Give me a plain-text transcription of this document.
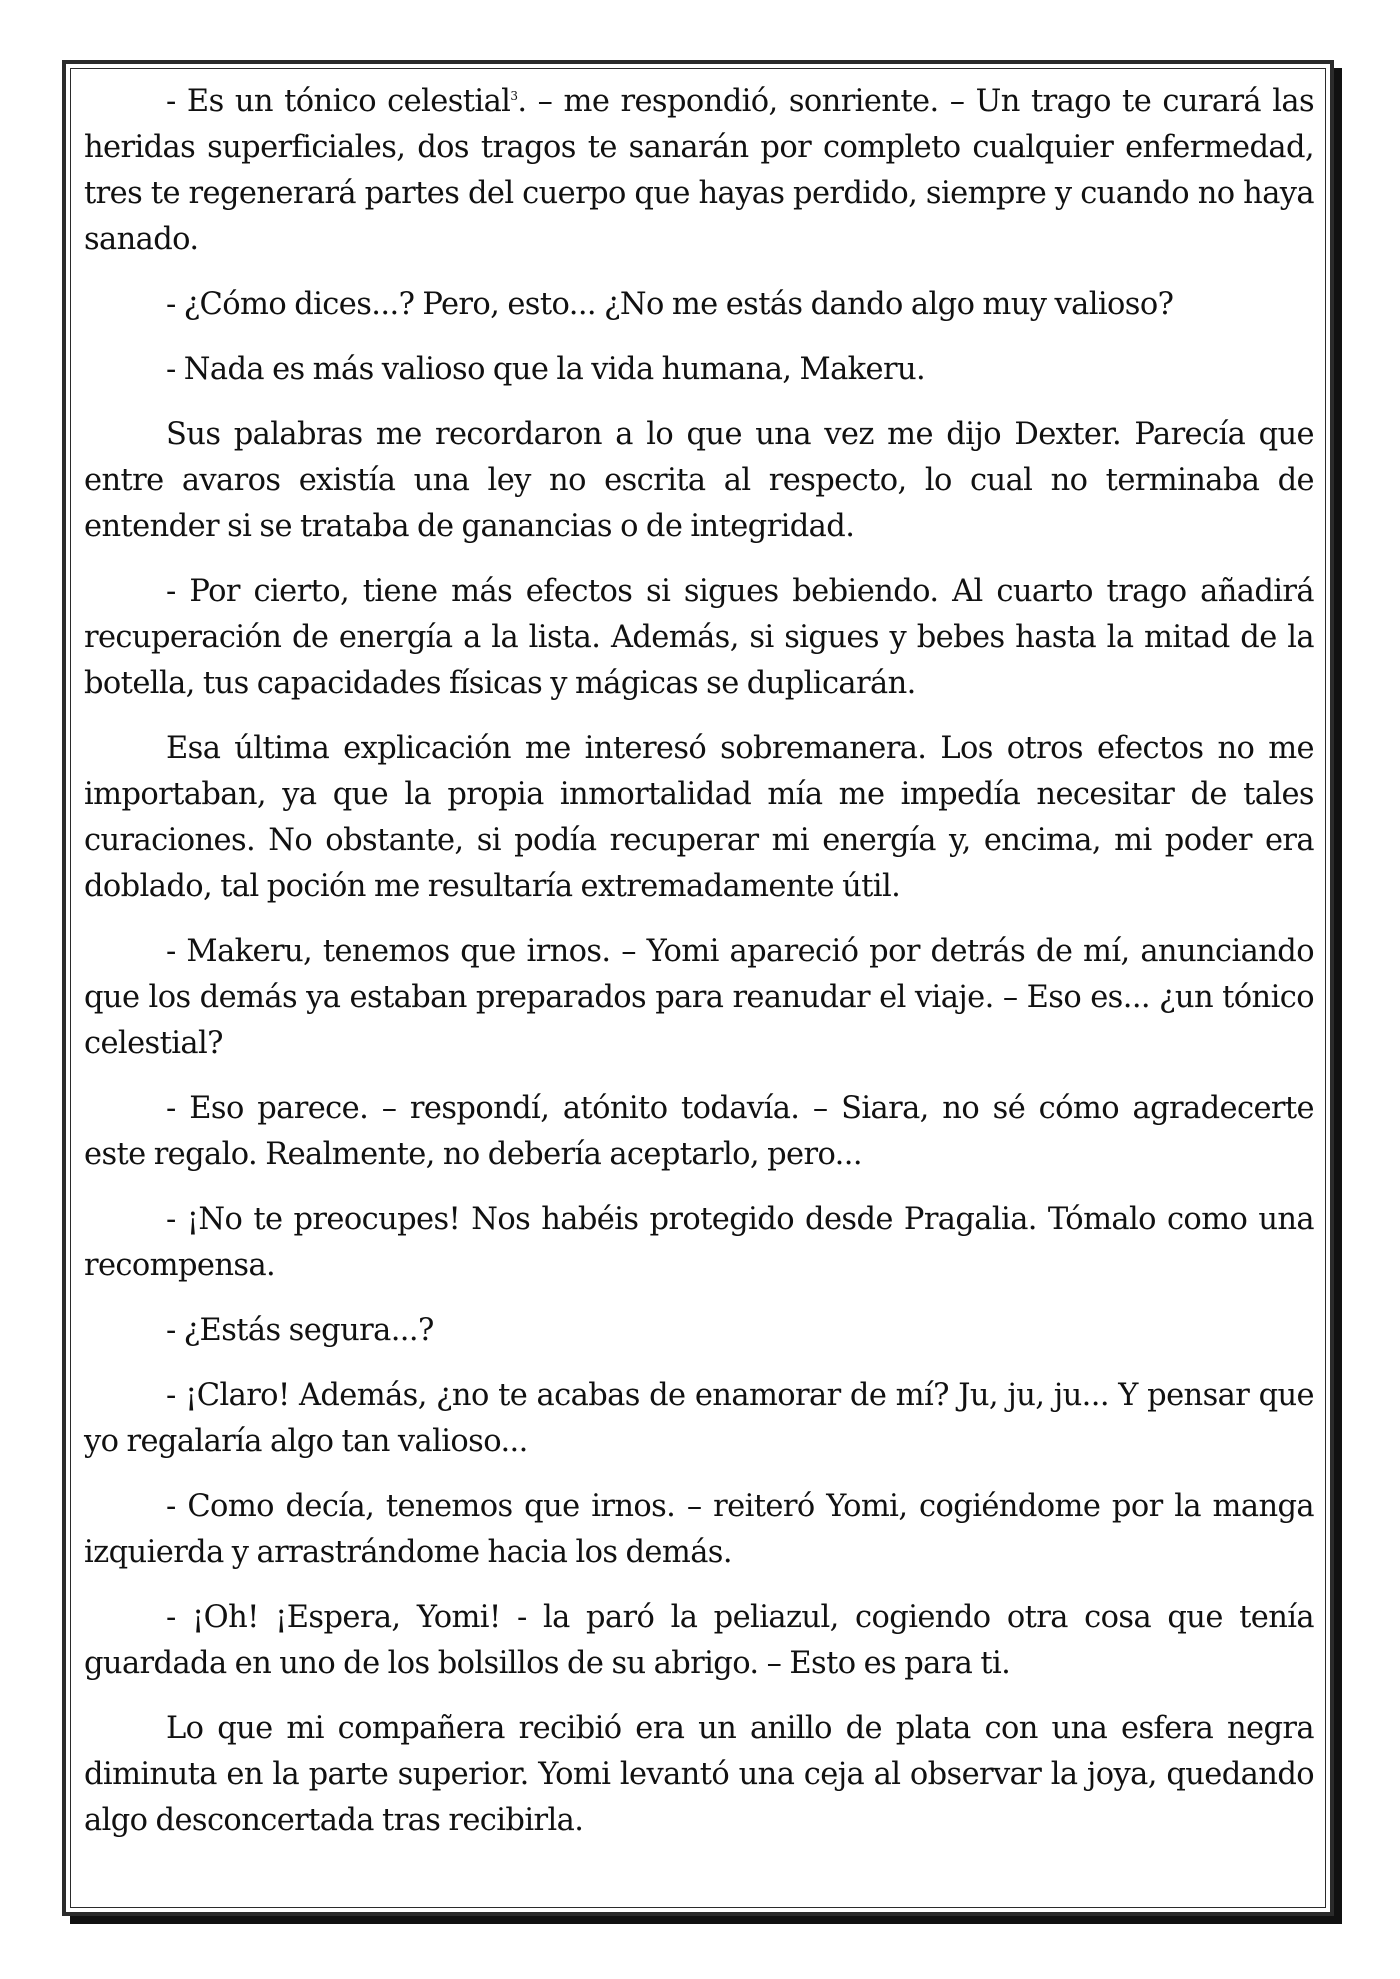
- Es un tónico celestial$^3$. – me respondió, sonriente. – Un trago te curará las heridas superficiales, dos tragos te sanarán por completo cualquier enfermedad, tres te regenerará partes del cuerpo que hayas perdido, siempre y cuando no haya sanado.

- ¿Cómo dices...? Pero, esto... ¿No me estás dando algo muy valioso?

- Nada es más valioso que la vida humana, Makeru.

Sus palabras me recordaron a lo que una vez me dijo Dexter. Parecía que entre avaros existía una ley no escrita al respecto, lo cual no terminaba de entender si se trataba de ganancias o de integridad.

- Por cierto, tiene más efectos si sigues bebiendo. Al cuarto trago añadirá recuperación de energía a la lista. Además, si sigues y bebes hasta la mitad de la botella, tus capacidades físicas y mágicas se duplicarán.

Esa última explicación me interesó sobremanera. Los otros efectos no me importaban, ya que la propia inmortalidad mía me impedía necesitar de tales curaciones. No obstante, si podía recuperar mi energía y, encima, mi poder era doblado, tal poción me resultaría extremadamente útil.

- Makeru, tenemos que irnos. – Yomi apareció por detrás de mí, anunciando que los demás ya estaban preparados para reanudar el viaje. – Eso es... ¿un tónico celestial?

- Eso parece. – respondí, atónito todavía. – Siara, no sé cómo agradecerte este regalo. Realmente, no debería aceptarlo, pero...

- ¡No te preocupes! Nos habéis protegido desde Pragalia. Tómalo como una recompensa.

- ¿Estás segura...?

- ¡Claro! Además, ¿no te acabas de enamorar de mí? Ju, ju, ju... Y pensar que yo regalaría algo tan valioso...

- Como decía, tenemos que irnos. – reiteró Yomi, cogiéndome por la manga izquierda y arrastrándome hacia los demás.

- ¡Oh! ¡Espera, Yomi! - la paró la peliazul, cogiendo otra cosa que tenía guardada en uno de los bolsillos de su abrigo. – Esto es para ti.

Lo que mi compañera recibió era un anillo de plata con una esfera negra diminuta en la parte superior. Yomi levantó una ceja al observar la joya, quedando algo desconcertada tras recibirla.
